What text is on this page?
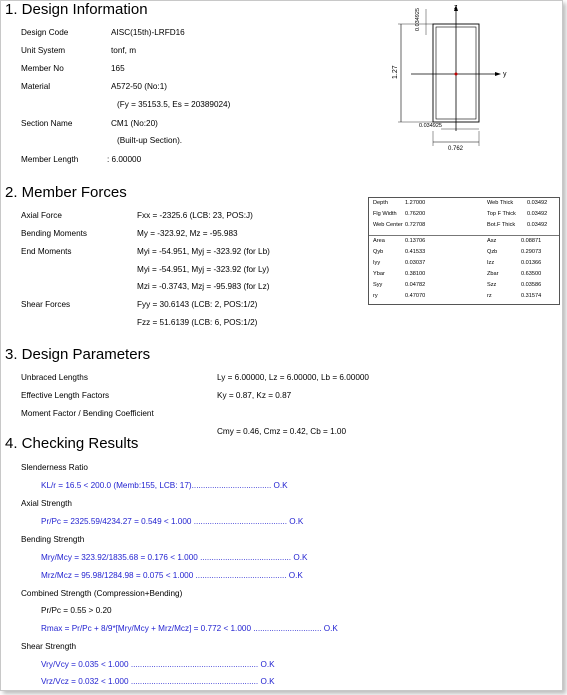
1. Design Information
Design Code	AISC(15th)-LRFD16
Unit System	tonf, m
Member No	165
Material	A572-50 (No:1)
(Fy = 35153.5, Es = 20389024)
Section Name	CM1 (No:20)
(Built-up Section).
Member Length	: 6.00000
z
y
0.034925
1.27
0.034925
0.762
2. Member Forces
Axial Force	Fxx = -2325.6 (LCB: 23, POS:J)
Bending Moments	My = -323.92, Mz = -95.983
End Moments	Myi = -54.951, Myj = -323.92 (for Lb)
Myi = -54.951, Myj = -323.92 (for Ly)
Mzi = -0.3743, Mzj = -95.983 (for Lz)
Shear Forces	Fyy = 30.6143 (LCB: 2, POS:1/2)
Fzz = 51.6139 (LCB: 6, POS:1/2)
Depth	1.27000	Web Thick 0.03492
Flg Width 0.76200	Top F Thick 0.03492
Web Center 0.72708	Bot.F Thick 0.03492
Area	0.13706	Asz	0.08871
Qyb	0.41533	Qzb	0.29073
Iyy	0.03037	Izz	0.01366
Ybar	0.38100	Zbar	0.63500
Syy	0.04782	Szz	0.03586
ry	0.47070	rz	0.31574
3. Design Parameters
Unbraced Lengths	Ly = 6.00000, Lz = 6.00000, Lb = 6.00000
Effective Length Factors	Ky = 0.87, Kz = 0.87
Moment Factor / Bending Coefficient
Cmy = 0.46, Cmz = 0.42, Cb = 1.00
4. Checking Results
Slenderness Ratio
KL/r = 16.5 < 200.0 (Memb:155, LCB: 17)................................... O.K
Axial Strength
Pr/Pc = 2325.59/4234.27 = 0.549 < 1.000 ......................................... O.K
Bending Strength
Mry/Mcy = 323.92/1835.68 = 0.176 < 1.000 ........................................ O.K
Mrz/Mcz = 95.98/1284.98 = 0.075 < 1.000 ........................................ O.K
Combined Strength (Compression+Bending)
Pr/Pc = 0.55 > 0.20
Rmax = Pr/Pc + 8/9*[Mry/Mcy + Mrz/Mcz] = 0.772 < 1.000 .............................. O.K
Shear Strength
Vry/Vcy = 0.035 < 1.000 ........................................................ O.K
Vrz/Vcz = 0.032 < 1.000 ........................................................ O.K
